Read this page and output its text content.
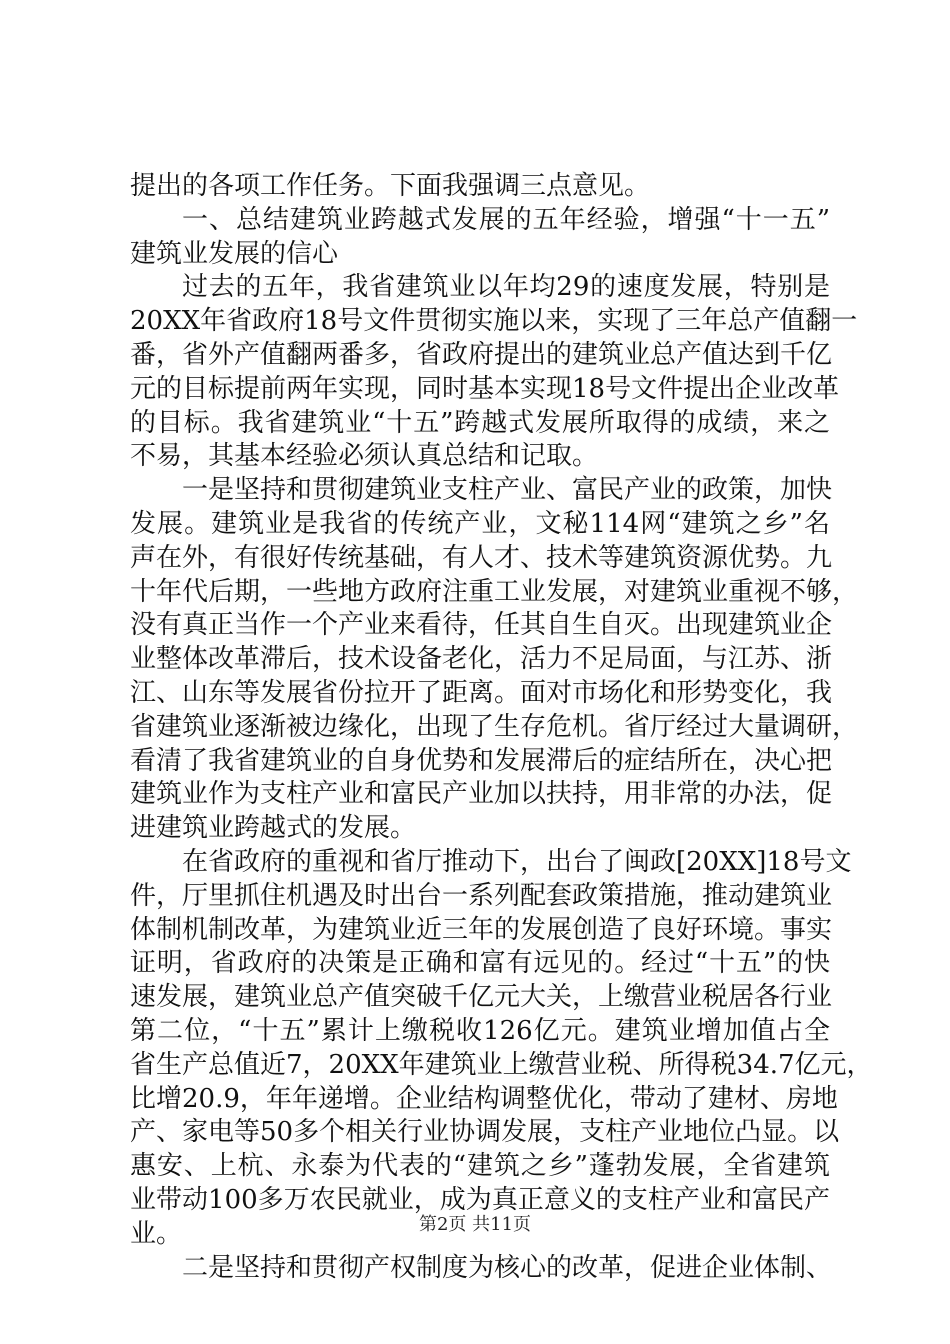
提出的各项工作任务。下面我强调三点意见。
一、总结建筑业跨越式发展的五年经验，增强“十一五”
建筑业发展的信心
过去的五年，我省建筑业以年均29的速度发展，特别是
20XX年省政府18号文件贯彻实施以来，实现了三年总产值翻一
番，省外产值翻两番多，省政府提出的建筑业总产值达到千亿
元的目标提前两年实现，同时基本实现18号文件提出企业改革
的目标。我省建筑业“十五”跨越式发展所取得的成绩，来之
不易，其基本经验必须认真总结和记取。
一是坚持和贯彻建筑业支柱产业、富民产业的政策，加快
发展。建筑业是我省的传统产业，文秘114网“建筑之乡”名
声在外，有很好传统基础，有人才、技术等建筑资源优势。九
十年代后期，一些地方政府注重工业发展，对建筑业重视不够，
没有真正当作一个产业来看待，任其自生自灭。出现建筑业企
业整体改革滞后，技术设备老化，活力不足局面，与江苏、浙
江、山东等发展省份拉开了距离。面对市场化和形势变化，我
省建筑业逐渐被边缘化，出现了生存危机。省厅经过大量调研，
看清了我省建筑业的自身优势和发展滞后的症结所在，决心把
建筑业作为支柱产业和富民产业加以扶持，用非常的办法，促
进建筑业跨越式的发展。
在省政府的重视和省厅推动下，出台了闽政[20XX]18号文
件，厅里抓住机遇及时出台一系列配套政策措施，推动建筑业
体制机制改革，为建筑业近三年的发展创造了良好环境。事实
证明，省政府的决策是正确和富有远见的。经过“十五”的快
速发展，建筑业总产值突破千亿元大关，上缴营业税居各行业
第二位，“十五”累计上缴税收126亿元。建筑业增加值占全
省生产总值近7，20XX年建筑业上缴营业税、所得税34.7亿元，
比增20.9，年年递增。企业结构调整优化，带动了建材、房地
产、家电等50多个相关行业协调发展，支柱产业地位凸显。以
惠安、上杭、永泰为代表的“建筑之乡”蓬勃发展，全省建筑
业带动100多万农民就业，成为真正意义的支柱产业和富民产
业。
二是坚持和贯彻产权制度为核心的改革，促进企业体制、
第2页 共11页
